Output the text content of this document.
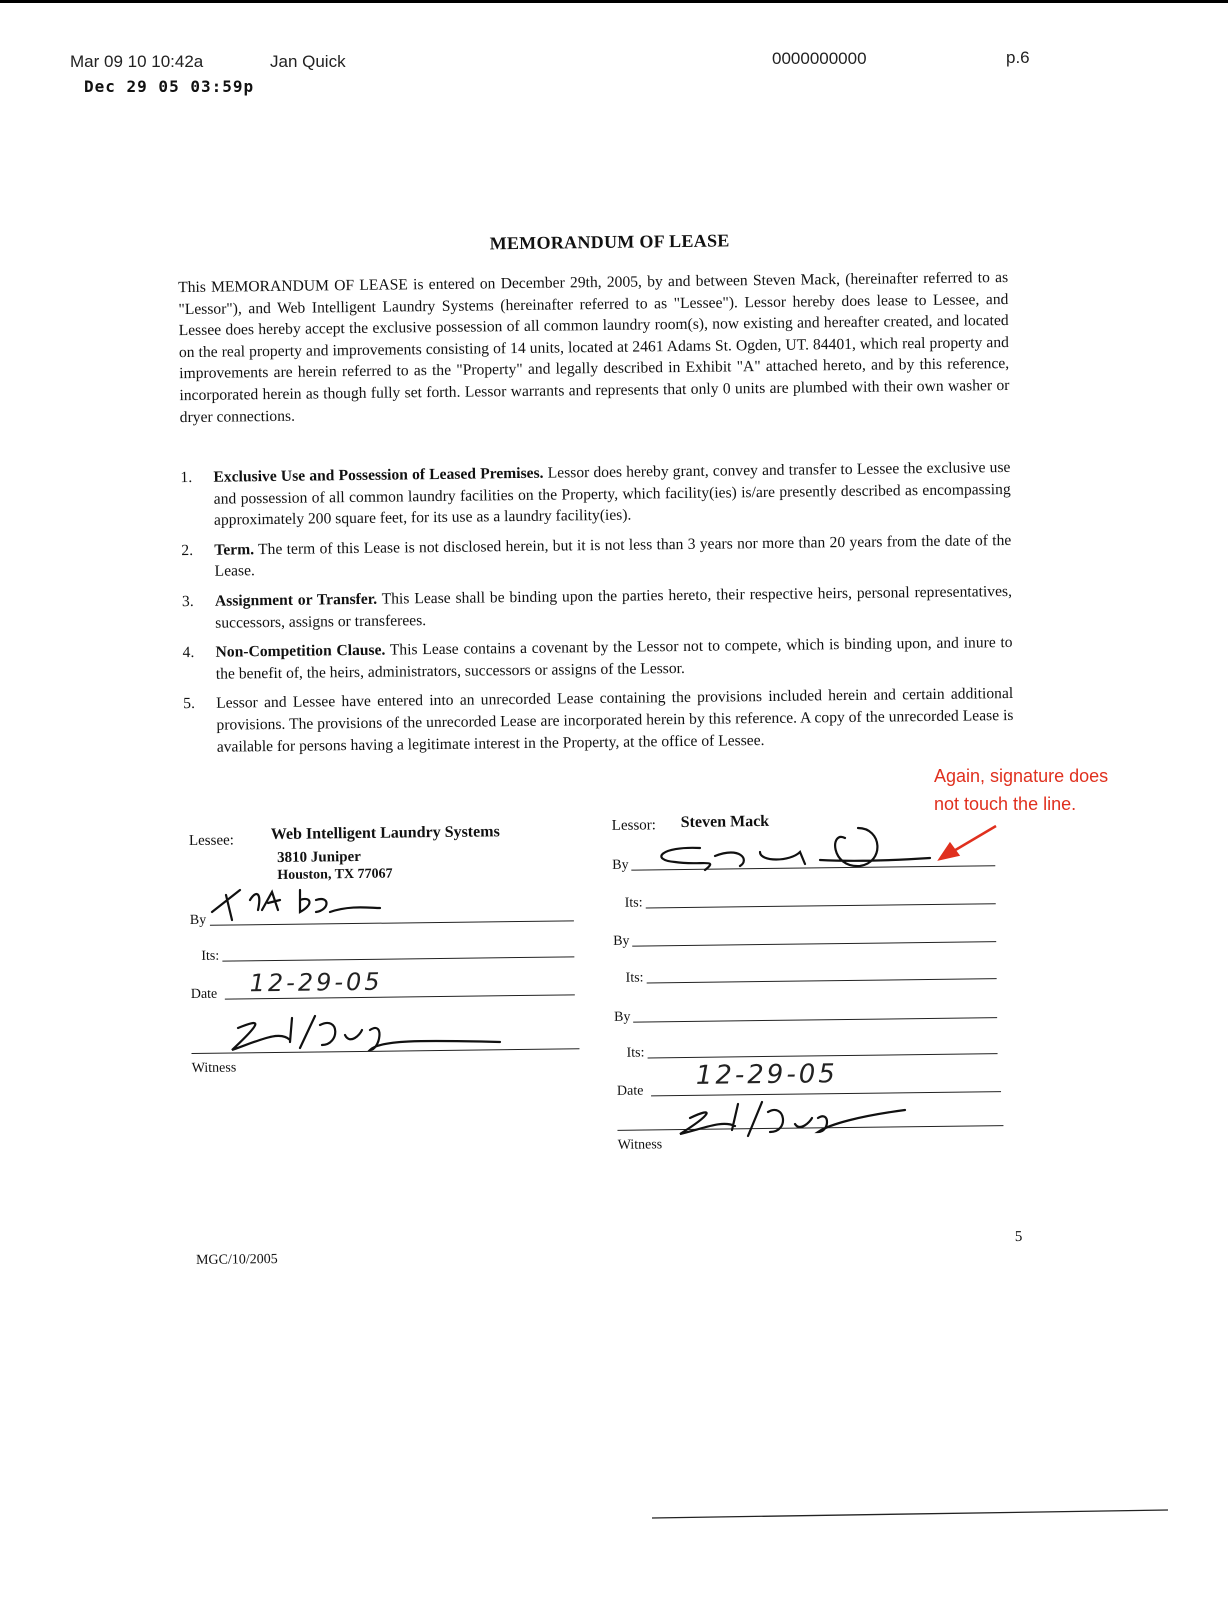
Mar 09 10 10:42a	Jan Quick	0000000000	p.6
Dec 29 05 03:59p
MEMORANDUM OF LEASE
This MEMORANDUM OF LEASE is entered on December 29th, 2005, by and between Steven Mack, (hereinafter referred to as "Lessor"), and Web Intelligent Laundry Systems (hereinafter referred to as "Lessee"). Lessor hereby does lease to Lessee, and Lessee does hereby accept the exclusive possession of all common laundry room(s), now existing and hereafter created, and located on the real property and improvements consisting of 14 units, located at 2461 Adams St. Ogden, UT. 84401, which real property and improvements are herein referred to as the "Property" and legally described in Exhibit "A" attached hereto, and by this reference, incorporated herein as though fully set forth. Lessor warrants and represents that only 0 units are plumbed with their own washer or dryer connections.
1.	Exclusive Use and Possession of Leased Premises. Lessor does hereby grant, convey and transfer to Lessee the exclusive use and possession of all common laundry facilities on the Property, which facility(ies) is/are presently described as encompassing approximately 200 square feet, for its use as a laundry facility(ies).
2.	Term. The term of this Lease is not disclosed herein, but it is not less than 3 years nor more than 20 years from the date of the Lease.
3.	Assignment or Transfer. This Lease shall be binding upon the parties hereto, their respective heirs, personal representatives, successors, assigns or transferees.
4.	Non-Competition Clause. This Lease contains a covenant by the Lessor not to compete, which is binding upon, and inure to the benefit of, the heirs, administrators, successors or assigns of the Lessor.
5.	Lessor and Lessee have entered into an unrecorded Lease containing the provisions included herein and certain additional provisions. The provisions of the unrecorded Lease are incorporated herein by this reference. A copy of the unrecorded Lease is available for persons having a legitimate interest in the Property, at the office of Lessee.
Lessee: Web Intelligent Laundry Systems
3810 Juniper
Houston, TX 77067
By
Its:
Date 12-29-05
Witness
Lessor: Steven Mack
By
Its:
By
Its:
By
Its:
Date
12-29-05
Witness
MGC/10/2005
5
Again, signature does
not touch the line.
